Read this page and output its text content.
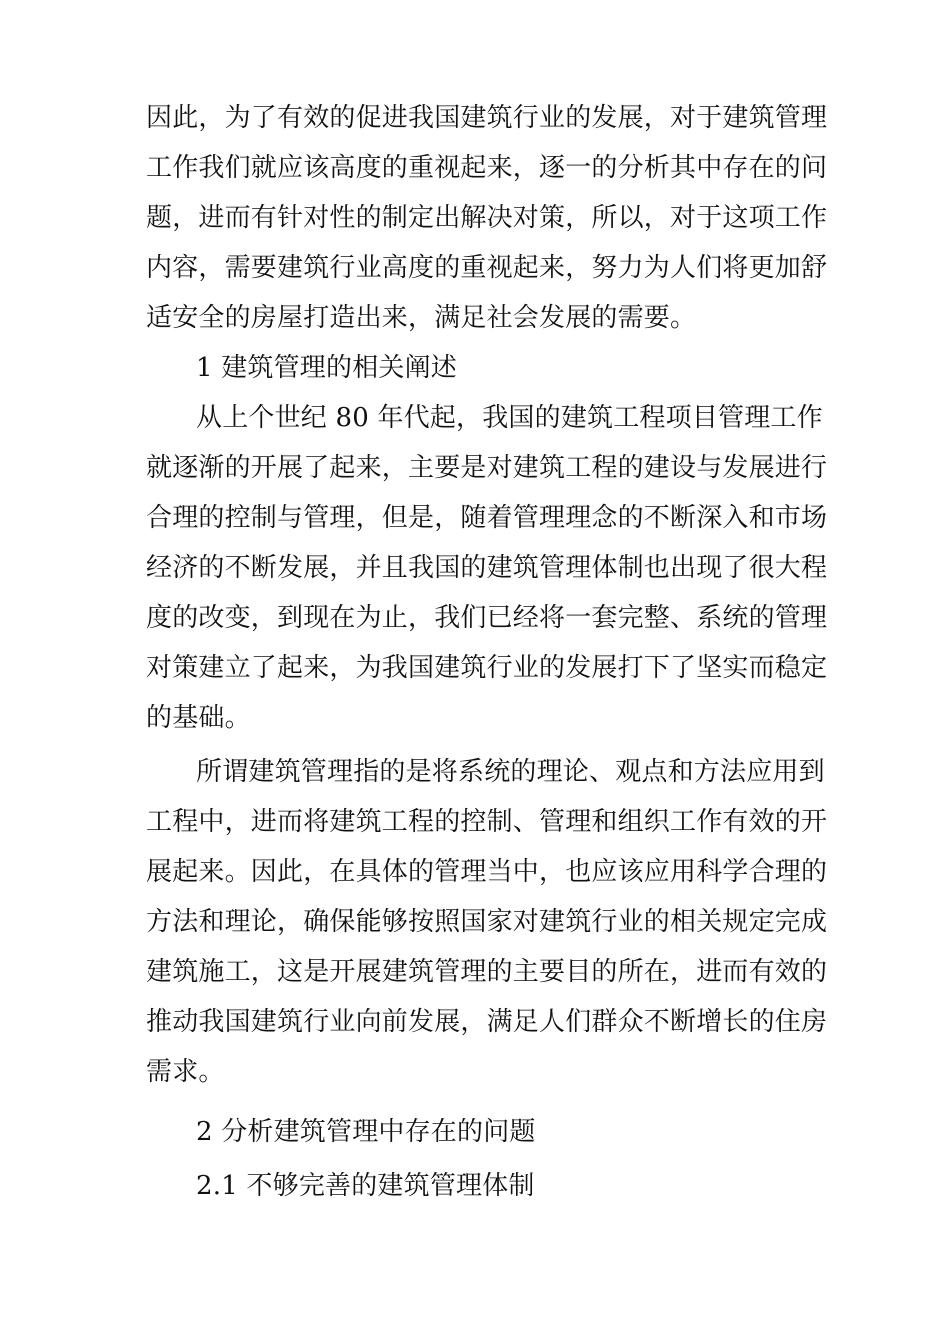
因此，为了有效的促进我国建筑行业的发展，对于建筑管理
工作我们就应该高度的重视起来，逐一的分析其中存在的问
题，进而有针对性的制定出解决对策，所以，对于这项工作
内容，需要建筑行业高度的重视起来，努力为人们将更加舒
适安全的房屋打造出来，满足社会发展的需要。
1 建筑管理的相关阐述
从上个世纪 80 年代起，我国的建筑工程项目管理工作
就逐渐的开展了起来，主要是对建筑工程的建设与发展进行
合理的控制与管理，但是，随着管理理念的不断深入和市场
经济的不断发展，并且我国的建筑管理体制也出现了很大程
度的改变，到现在为止，我们已经将一套完整、系统的管理
对策建立了起来，为我国建筑行业的发展打下了坚实而稳定
的基础。
所谓建筑管理指的是将系统的理论、观点和方法应用到
工程中，进而将建筑工程的控制、管理和组织工作有效的开
展起来。因此，在具体的管理当中，也应该应用科学合理的
方法和理论，确保能够按照国家对建筑行业的相关规定完成
建筑施工，这是开展建筑管理的主要目的所在，进而有效的
推动我国建筑行业向前发展，满足人们群众不断增长的住房
需求。
2 分析建筑管理中存在的问题
2.1 不够完善的建筑管理体制
